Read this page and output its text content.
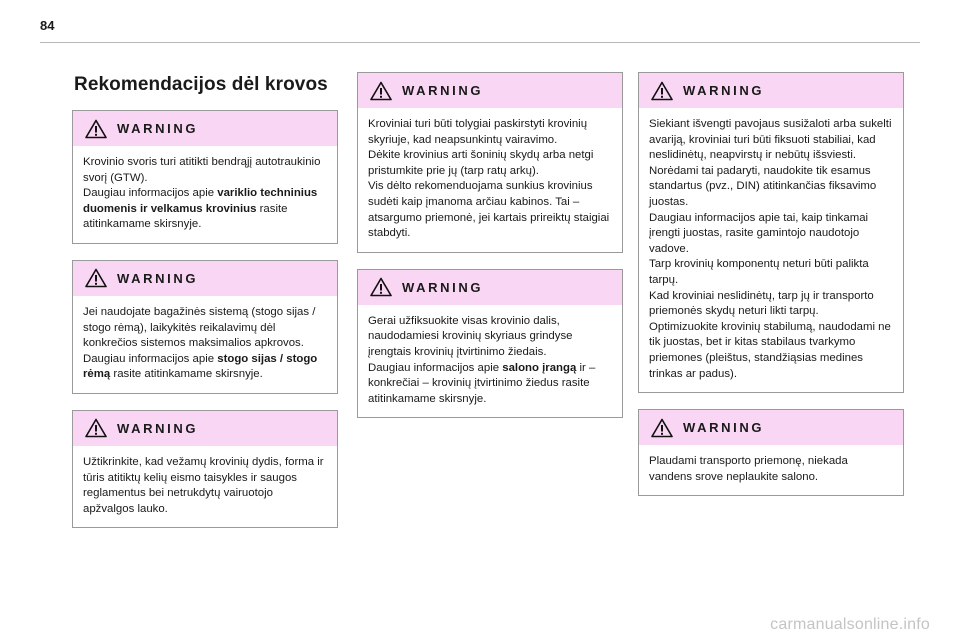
84
Rekomendacijos dėl krovos
WARNING

Krovinio svoris turi atitikti bendrąjį autotraukinio svorį (GTW).

Daugiau informacijos apie variklio techninius duomenis ir velkamus krovinius rasite atitinkamame skirsnyje.

WARNING

Jei naudojate bagažinės sistemą (stogo sijas / stogo rėmą), laikykitės reikalavimų dėl konkrečios sistemos maksimalios apkrovos.

Daugiau informacijos apie stogo sijas / stogo rėmą rasite atitinkamame skirsnyje.

WARNING

Užtikrinkite, kad vežamų krovinių dydis, forma ir tūris atitiktų kelių eismo taisykles ir saugos reglamentus bei netrukdytų vairuotojo apžvalgos lauko.

WARNING

Kroviniai turi būti tolygiai paskirstyti krovinių skyriuje, kad neapsunkintų vairavimo.

Dėkite krovinius arti šoninių skydų arba netgi pristumkite prie jų (tarp ratų arkų).

Vis dėlto rekomenduojama sunkius krovinius sudėti kaip įmanoma arčiau kabinos. Tai – atsargumo priemonė, jei kartais prireiktų staigiai stabdyti.

WARNING

Gerai užfiksuokite visas krovinio dalis, naudodamiesi krovinių skyriaus grindyse įrengtais krovinių įtvirtinimo žiedais.

Daugiau informacijos apie salono įrangą ir – konkrečiai – krovinių įtvirtinimo žiedus rasite atitinkamame skirsnyje.

WARNING

Siekiant išvengti pavojaus susižaloti arba sukelti avariją, kroviniai turi būti fiksuoti stabiliai, kad neslidinėtų, neapvirstų ir nebūtų išsviesti. Norėdami tai padaryti, naudokite tik esamus standartus (pvz., DIN) atitinkančias fiksavimo juostas.

Daugiau informacijos apie tai, kaip tinkamai įrengti juostas, rasite gamintojo naudotojo vadove.

Tarp krovinių komponentų neturi būti palikta tarpų.

Kad kroviniai neslidinėtų, tarp jų ir transporto priemonės skydų neturi likti tarpų.

Optimizuokite krovinių stabilumą, naudodami ne tik juostas, bet ir kitas stabilaus tvarkymo priemones (pleištus, standžiąsias medines trinkas ar padus).

WARNING

Plaudami transporto priemonę, niekada vandens srove neplaukite salono.

carmanualsonline.info
